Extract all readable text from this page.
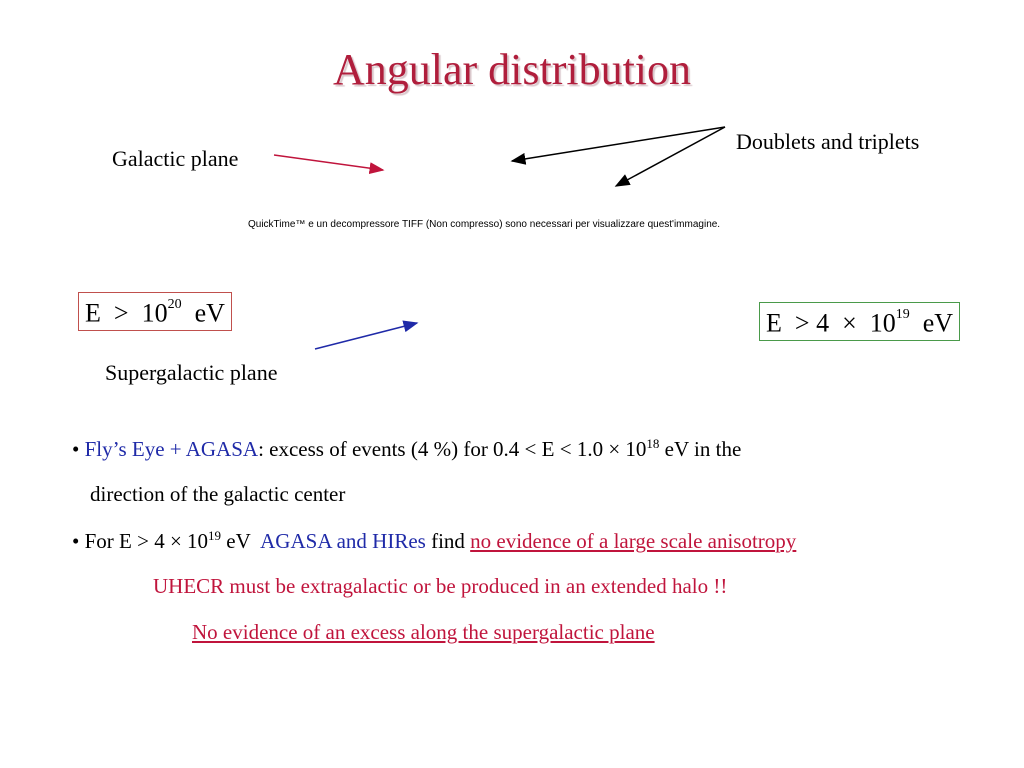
Angular distribution
Galactic plane
Doublets and triplets
Supergalactic plane
QuickTime™ e un decompressore TIFF (Non compresso) sono necessari per visualizzare quest'immagine.
$E > 10^{20}$ eV	$E > 4 \times 10^{19}$ eV
• Fly’s Eye + AGASA: excess of events (4 %) for $0.4 < E < 1.0 \times 10^{18}$ eV in the
direction of the galactic center
• For $E > 4 \times 10^{19}$ eV AGASA and HIRes find no evidence of a large scale anisotropy
UHECR must be extragalactic or be produced in an extended halo !!
No evidence of an excess along the supergalactic plane
